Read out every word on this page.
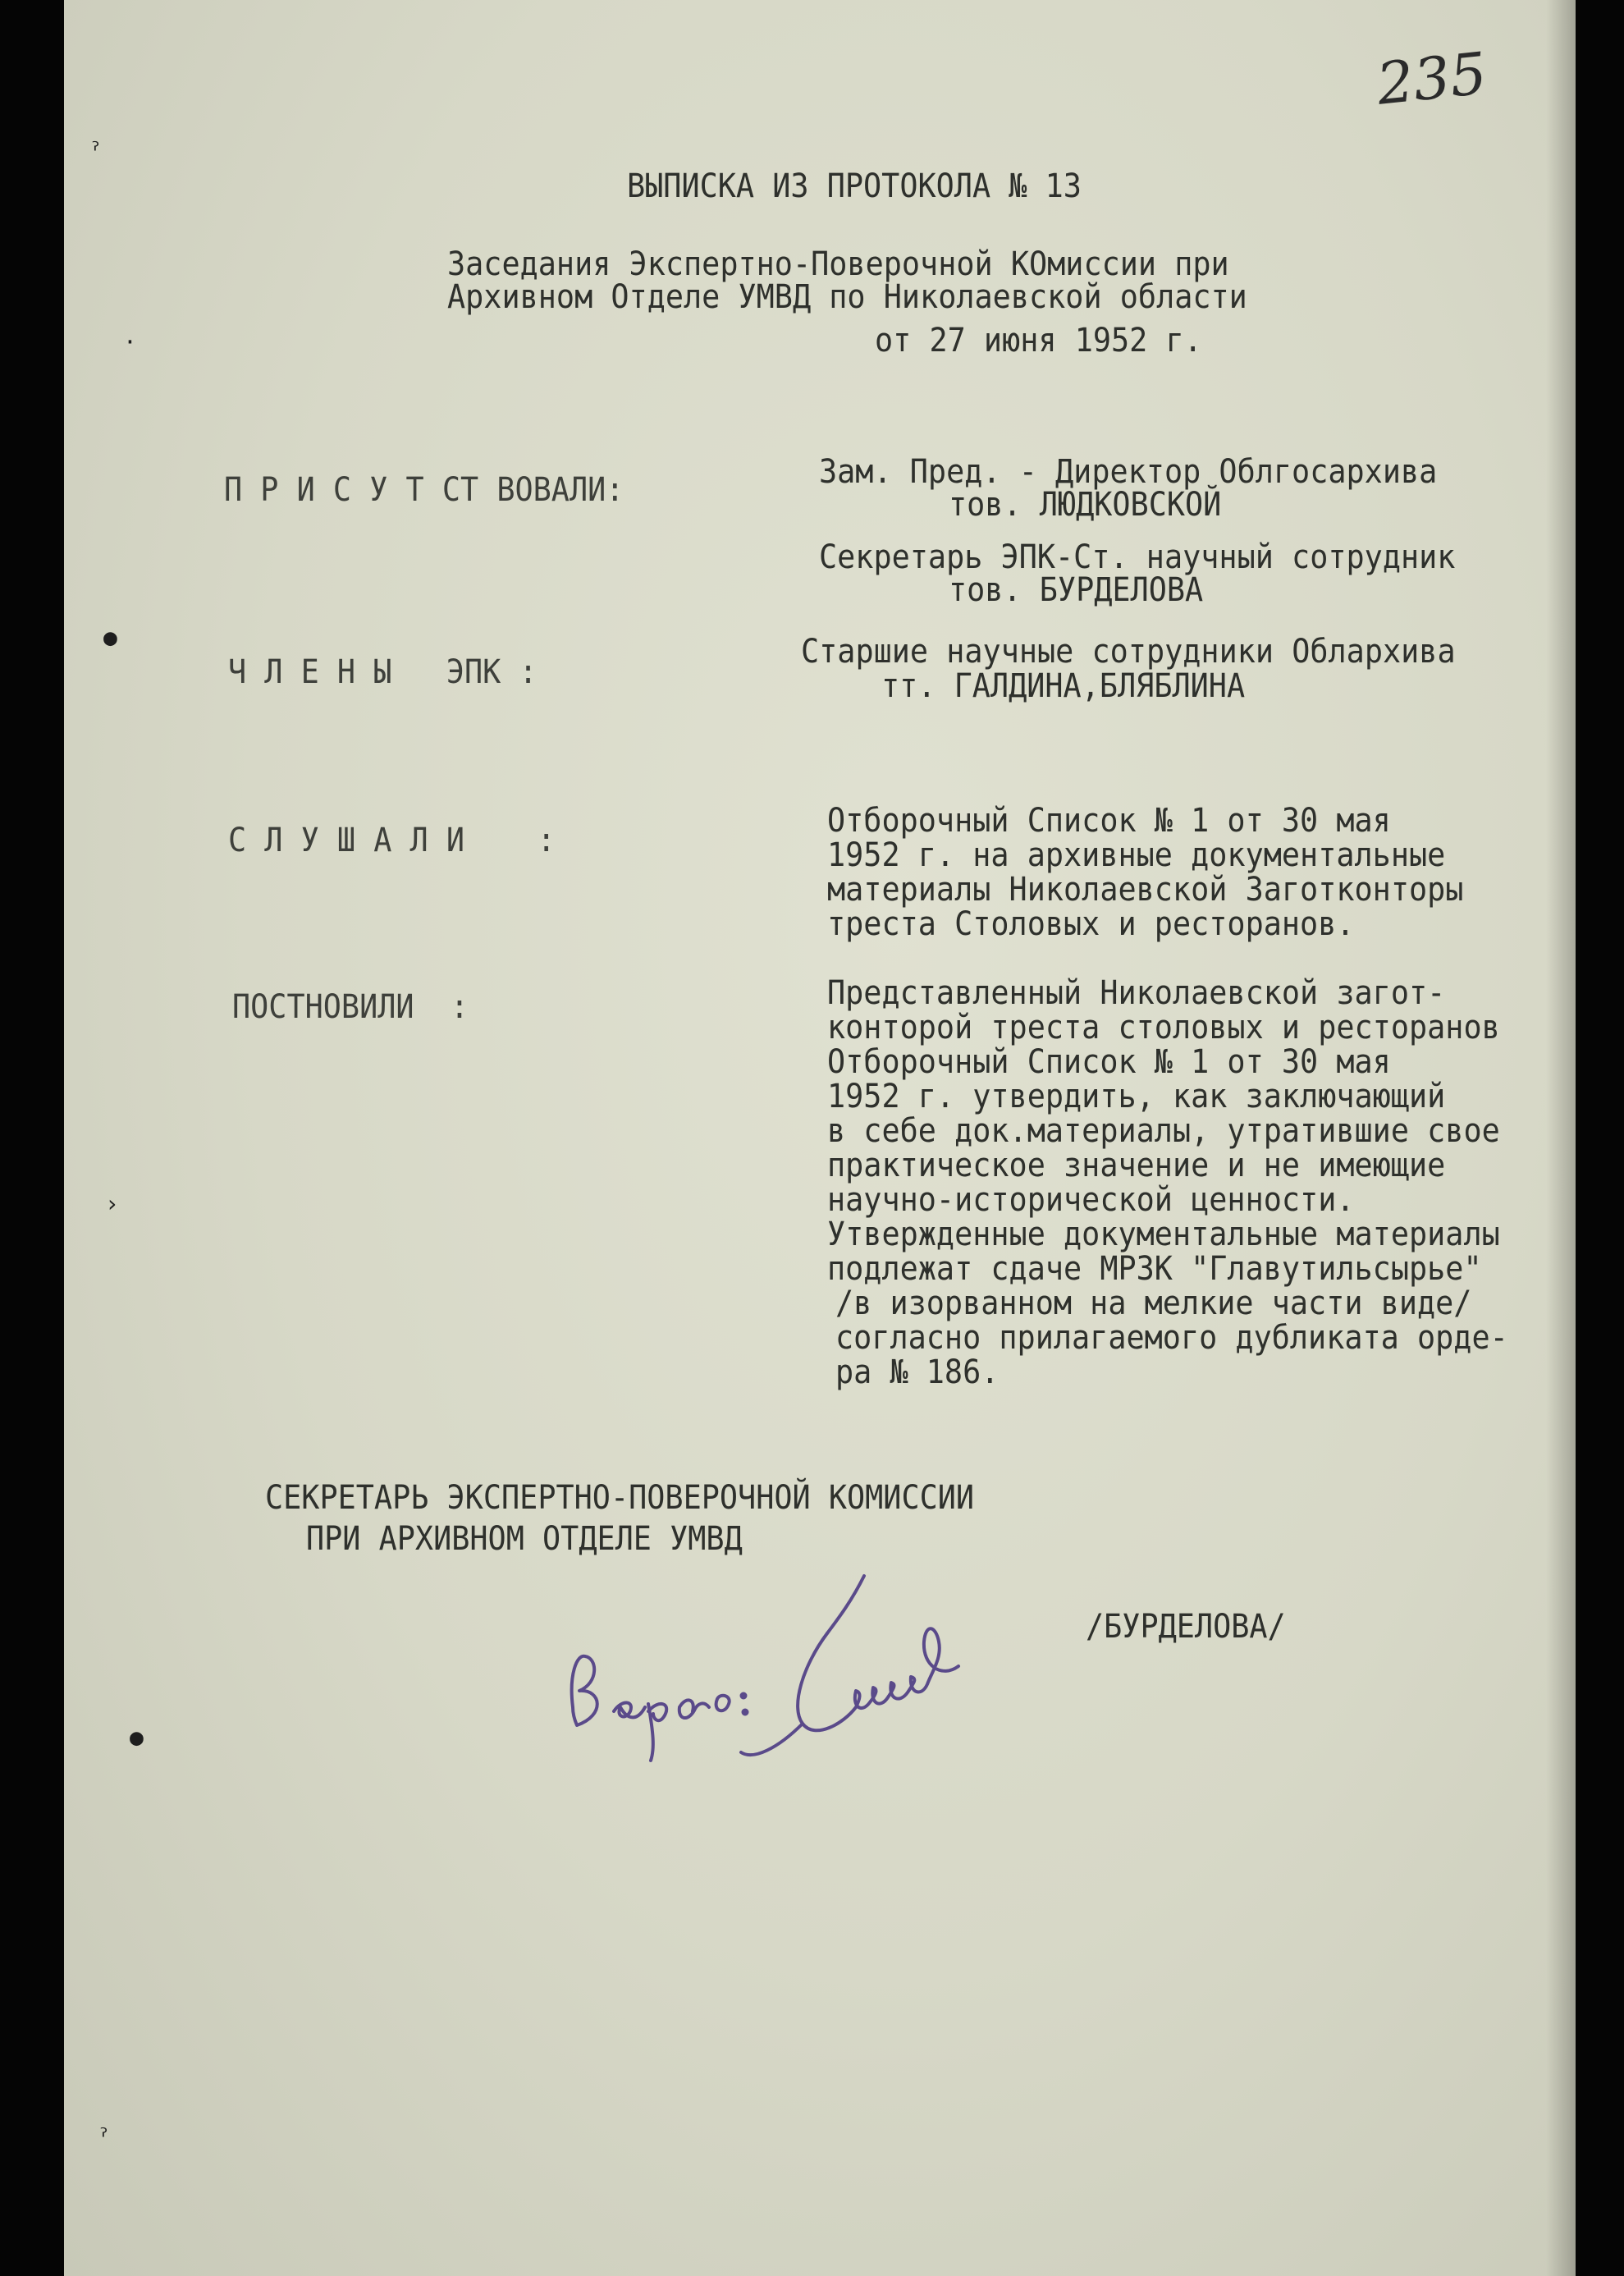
235
ˀ
·
●
›
●
ˀ

ВЫПИСКА ИЗ ПРОТОКОЛА № 13

Заседания Экспертно-Поверочной КОмиссии при

Архивном Отделе УМВД по Николаевской области

от 27 июня 1952 г.

П Р И С У Т СТ ВОВАЛИ:	Зам. Пред. - Директор Облгосархива

тов. ЛЮДКОВСКОЙ

Секретарь ЭПК-Ст. научный сотрудник

тов. БУРДЕЛОВА

Ч Л Е Н Ы   ЭПК :

Старшие научные сотрудники Облархива

тт. ГАЛДИНА,БЛЯБЛИНА

С Л У Ш А Л И    :

Отборочный Список № 1 от 30 мая

1952 г. на архивные документальные

материалы Николаевской Заготконторы

треста Столовых и ресторанов.

ПОСТНОВИЛИ  :	Представленный Николаевской загот-

конторой треста столовых и ресторанов

Отборочный Список № 1 от 30 мая

1952 г. утвердить, как заключающий

в себе док.материалы, утратившие свое

практическое значение и не имеющие

научно-исторической ценности.

Утвержденные документальные материалы

подлежат сдаче МРЗК "Главутильсырье"

/в изорванном на мелкие части виде/

согласно прилагаемого дубликата орде-

ра № 186.

СЕКРЕТАРЬ ЭКСПЕРТНО-ПОВЕРОЧНОЙ КОМИССИИ

ПРИ АРХИВНОМ ОТДЕЛЕ УМВД

/БУРДЕЛОВА/
